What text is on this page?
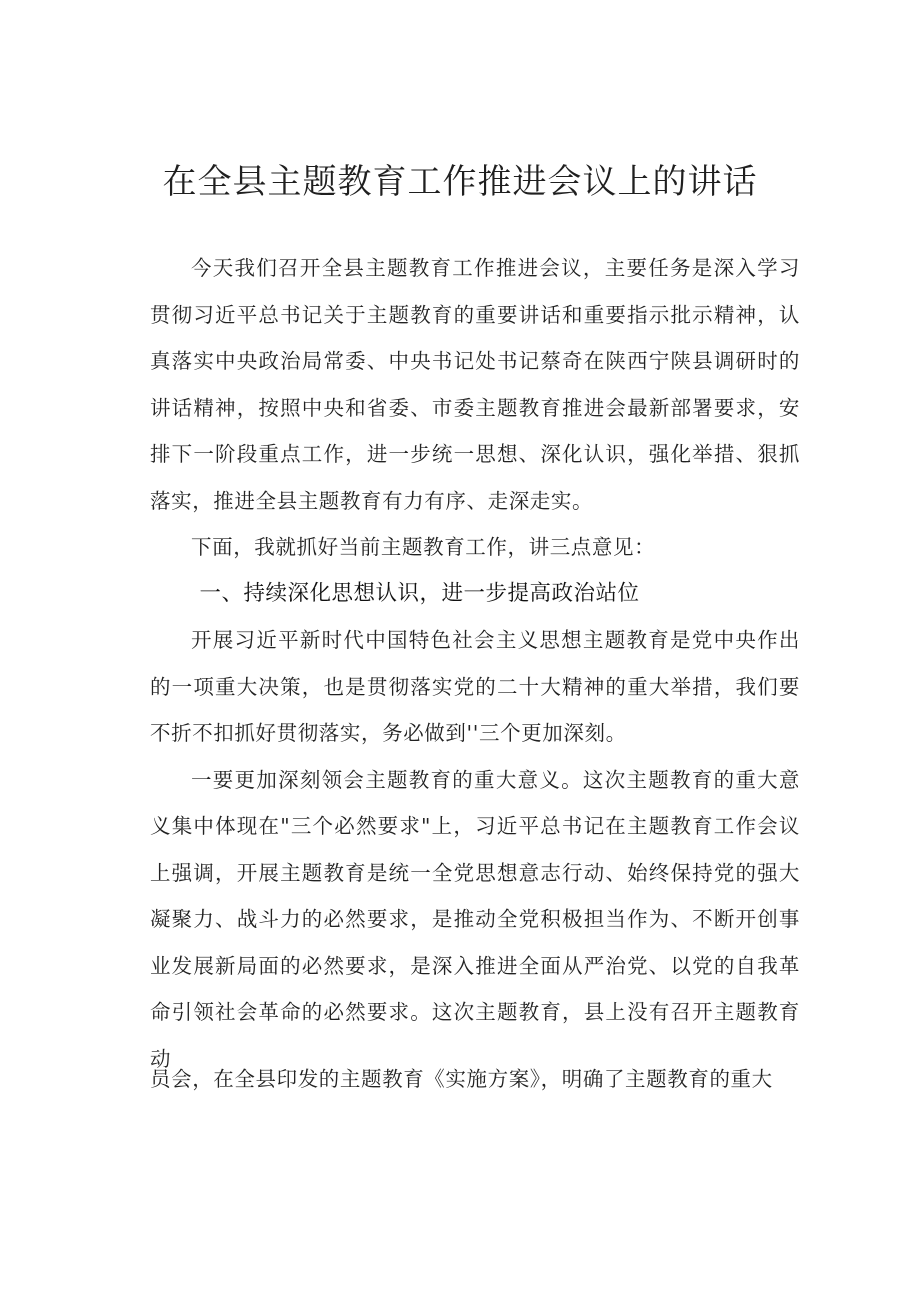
在全县主题教育工作推进会议上的讲话

今天我们召开全县主题教育工作推进会议，主要任务是深入学习贯彻习近平总书记关于主题教育的重要讲话和重要指示批示精神，认真落实中央政治局常委、中央书记处书记蔡奇在陕西宁陕县调研时的讲话精神，按照中央和省委、市委主题教育推进会最新部署要求，安排下一阶段重点工作，进一步统一思想、深化认识，强化举措、狠抓落实，推进全县主题教育有力有序、走深走实。

下面，我就抓好当前主题教育工作，讲三点意见：

一、持续深化思想认识，进一步提高政治站位

开展习近平新时代中国特色社会主义思想主题教育是党中央作出的一项重大决策，也是贯彻落实党的二十大精神的重大举措，我们要不折不扣抓好贯彻落实，务必做到''三个更加深刻。

一要更加深刻领会主题教育的重大意义。这次主题教育的重大意义集中体现在"三个必然要求"上，习近平总书记在主题教育工作会议上强调，开展主题教育是统一全党思想意志行动、始终保持党的强大凝聚力、战斗力的必然要求，是推动全党积极担当作为、不断开创事业发展新局面的必然要求，是深入推进全面从严治党、以党的自我革命引领社会革命的必然要求。这次主题教育，县上没有召开主题教育动

员会，在全县印发的主题教育《实施方案》，明确了主题教育的重大
